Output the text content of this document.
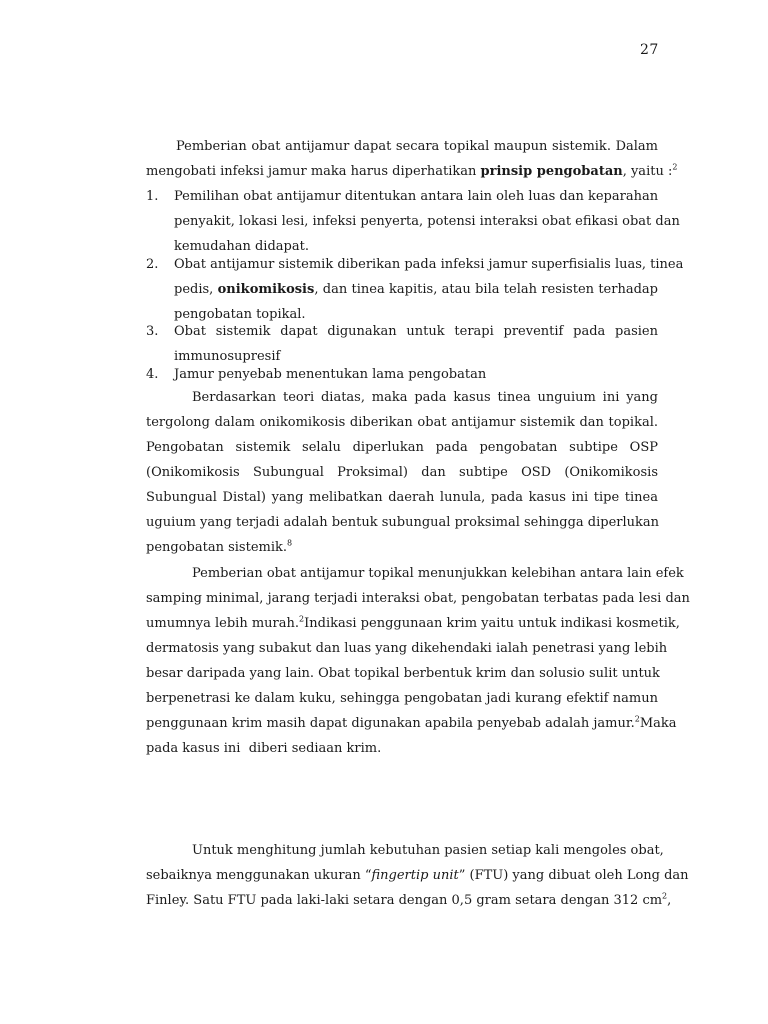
27
Pemberian obat antijamur dapat secara topikal maupun sistemik. Dalam
mengobati infeksi jamur maka harus diperhatikan prinsip pengobatan, yaitu :$^2$
1. Pemilihan obat antijamur ditentukan antara lain oleh luas dan keparahan
penyakit, lokasi lesi, infeksi penyerta, potensi interaksi obat efikasi obat dan
kemudahan didapat.
2. Obat antijamur sistemik diberikan pada infeksi jamur superfisialis luas, tinea
pedis, onikomikosis, dan tinea kapitis, atau bila telah resisten terhadap
pengobatan topikal.
3. Obat sistemik dapat digunakan untuk terapi preventif pada pasien
immunosupresif
4. Jamur penyebab menentukan lama pengobatan
Berdasarkan teori diatas, maka pada kasus tinea unguium ini yang
tergolong dalam onikomikosis diberikan obat antijamur sistemik dan topikal.
Pengobatan sistemik selalu diperlukan pada pengobatan subtipe OSP
(Onikomikosis Subungual Proksimal) dan subtipe OSD (Onikomikosis
Subungual Distal) yang melibatkan daerah lunula, pada kasus ini tipe tinea
uguium yang terjadi adalah bentuk subungual proksimal sehingga diperlukan
pengobatan sistemik.$^8$
Pemberian obat antijamur topikal menunjukkan kelebihan antara lain efek
samping minimal, jarang terjadi interaksi obat, pengobatan terbatas pada lesi dan
umumnya lebih murah.$^2$Indikasi penggunaan krim yaitu untuk indikasi kosmetik,
dermatosis yang subakut dan luas yang dikehendaki ialah penetrasi yang lebih
besar daripada yang lain. Obat topikal berbentuk krim dan solusio sulit untuk
berpenetrasi ke dalam kuku, sehingga pengobatan jadi kurang efektif namun
penggunaan krim masih dapat digunakan apabila penyebab adalah jamur.$^2$Maka
pada kasus ini  diberi sediaan krim.
Untuk menghitung jumlah kebutuhan pasien setiap kali mengoles obat,
sebaiknya menggunakan ukuran “fingertip unit” (FTU) yang dibuat oleh Long dan
Finley. Satu FTU pada laki-laki setara dengan 0,5 gram setara dengan 312 $cm^2$,
